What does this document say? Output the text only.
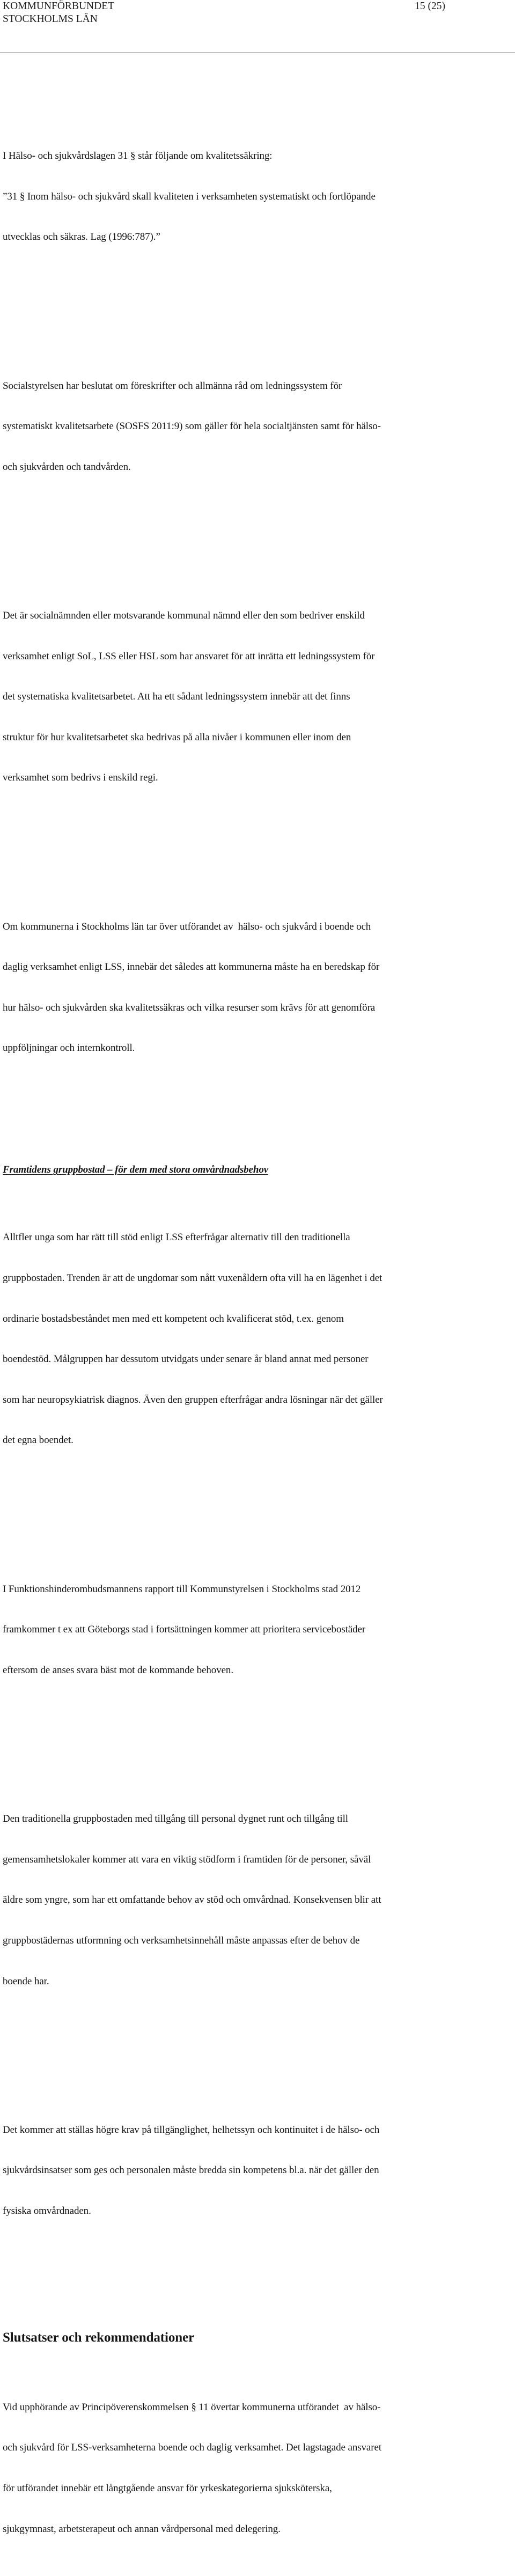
KOMMUNFÖRBUNDET
STOCKHOLMS LÄN
15 (25)

I Hälso- och sjukvårdslagen 31 § står följande om kvalitetssäkring:

”31 § Inom hälso- och sjukvård skall kvaliteten i verksamheten systematiskt och fortlöpande

utvecklas och säkras. Lag (1996:787).”

Socialstyrelsen har beslutat om föreskrifter och allmänna råd om ledningssystem för

systematiskt kvalitetsarbete (SOSFS 2011:9) som gäller för hela socialtjänsten samt för hälso-

och sjukvården och tandvården.

Det är socialnämnden eller motsvarande kommunal nämnd eller den som bedriver enskild

verksamhet enligt SoL, LSS eller HSL som har ansvaret för att inrätta ett ledningssystem för

det systematiska kvalitetsarbetet. Att ha ett sådant ledningssystem innebär att det finns

struktur för hur kvalitetsarbetet ska bedrivas på alla nivåer i kommunen eller inom den

verksamhet som bedrivs i enskild regi.

Om kommunerna i Stockholms län tar över utförandet av  hälso- och sjukvård i boende och

daglig verksamhet enligt LSS, innebär det således att kommunerna måste ha en beredskap för

hur hälso- och sjukvården ska kvalitetssäkras och vilka resurser som krävs för att genomföra

uppföljningar och internkontroll.

Framtidens gruppbostad – för dem med stora omvårdnadsbehov

Alltfler unga som har rätt till stöd enligt LSS efterfrågar alternativ till den traditionella

gruppbostaden. Trenden är att de ungdomar som nått vuxenåldern ofta vill ha en lägenhet i det

ordinarie bostadsbeståndet men med ett kompetent och kvalificerat stöd, t.ex. genom

boendestöd. Målgruppen har dessutom utvidgats under senare år bland annat med personer

som har neuropsykiatrisk diagnos. Även den gruppen efterfrågar andra lösningar när det gäller

det egna boendet.

I Funktionshinderombudsmannens rapport till Kommunstyrelsen i Stockholms stad 2012

framkommer t ex att Göteborgs stad i fortsättningen kommer att prioritera servicebostäder

eftersom de anses svara bäst mot de kommande behoven.

Den traditionella gruppbostaden med tillgång till personal dygnet runt och tillgång till

gemensamhetslokaler kommer att vara en viktig stödform i framtiden för de personer, såväl

äldre som yngre, som har ett omfattande behov av stöd och omvårdnad. Konsekvensen blir att

gruppbostädernas utformning och verksamhetsinnehåll måste anpassas efter de behov de

boende har.

Det kommer att ställas högre krav på tillgänglighet, helhetssyn och kontinuitet i de hälso- och

sjukvårdsinsatser som ges och personalen måste bredda sin kompetens bl.a. när det gäller den

fysiska omvårdnaden.

Slutsatser och rekommendationer

Vid upphörande av Principöverenskommelsen § 11 övertar kommunerna utförandet  av hälso-

och sjukvård för LSS-verksamheterna boende och daglig verksamhet. Det lagstagade ansvaret

för utförandet innebär ett långtgående ansvar för yrkeskategorierna sjuksköterska,

sjukgymnast, arbetsterapeut och annan vårdpersonal med delegering.
